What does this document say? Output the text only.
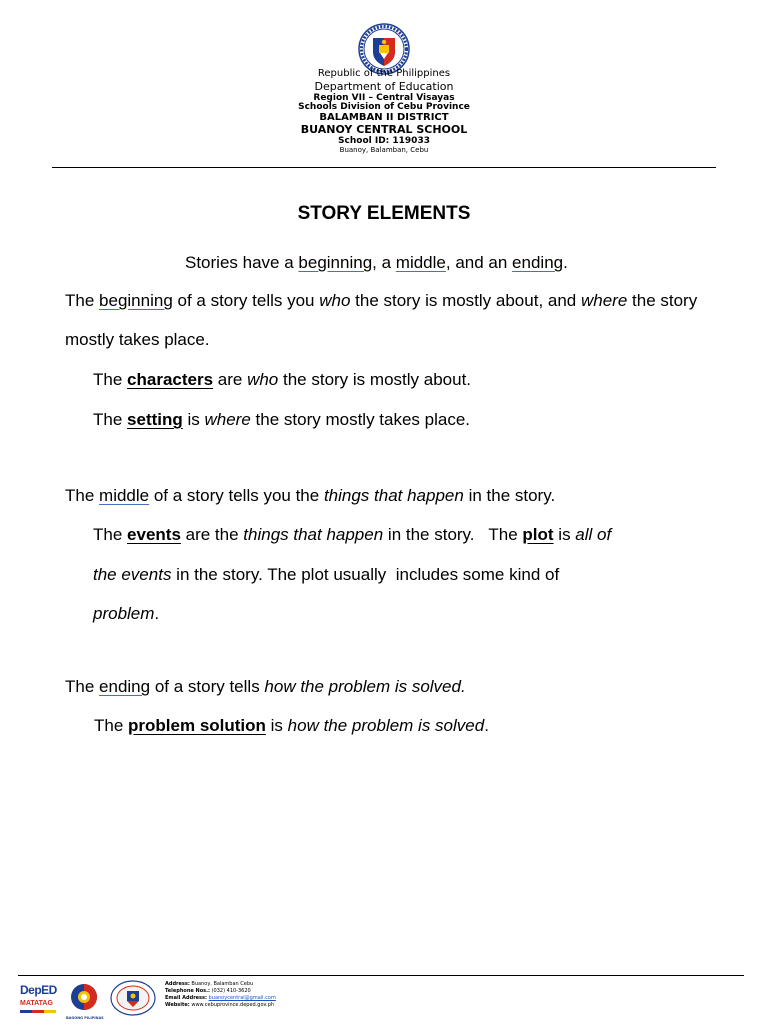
Republic of the Philippines
Department of Education
Region VII – Central Visayas
Schools Division of Cebu Province
BALAMBAN II DISTRICT
BUANOY CENTRAL SCHOOL
School ID: 119033
Buanoy, Balamban, Cebu
STORY ELEMENTS
Stories have a beginning, a middle, and an ending.
The beginning of a story tells you who the story is mostly about, and where the story
mostly takes place.
The characters are who the story is mostly about.
The setting is where the story mostly takes place.
The middle of a story tells you the things that happen in the story.
The events are the things that happen in the story.   The plot is all of
the events in the story. The plot usually  includes some kind of
problem.
The ending of a story tells how the problem is solved.
The problem solution is how the problem is solved.
DepED
MATATAG
BAGONG PILIPINAS
Address: Buanoy, Balamban Cebu
Telephone Nos.: (032) 410-3620
Email Address: buanoycentral@gmail.com
Website: www.cebuprovince.deped.gov.ph
